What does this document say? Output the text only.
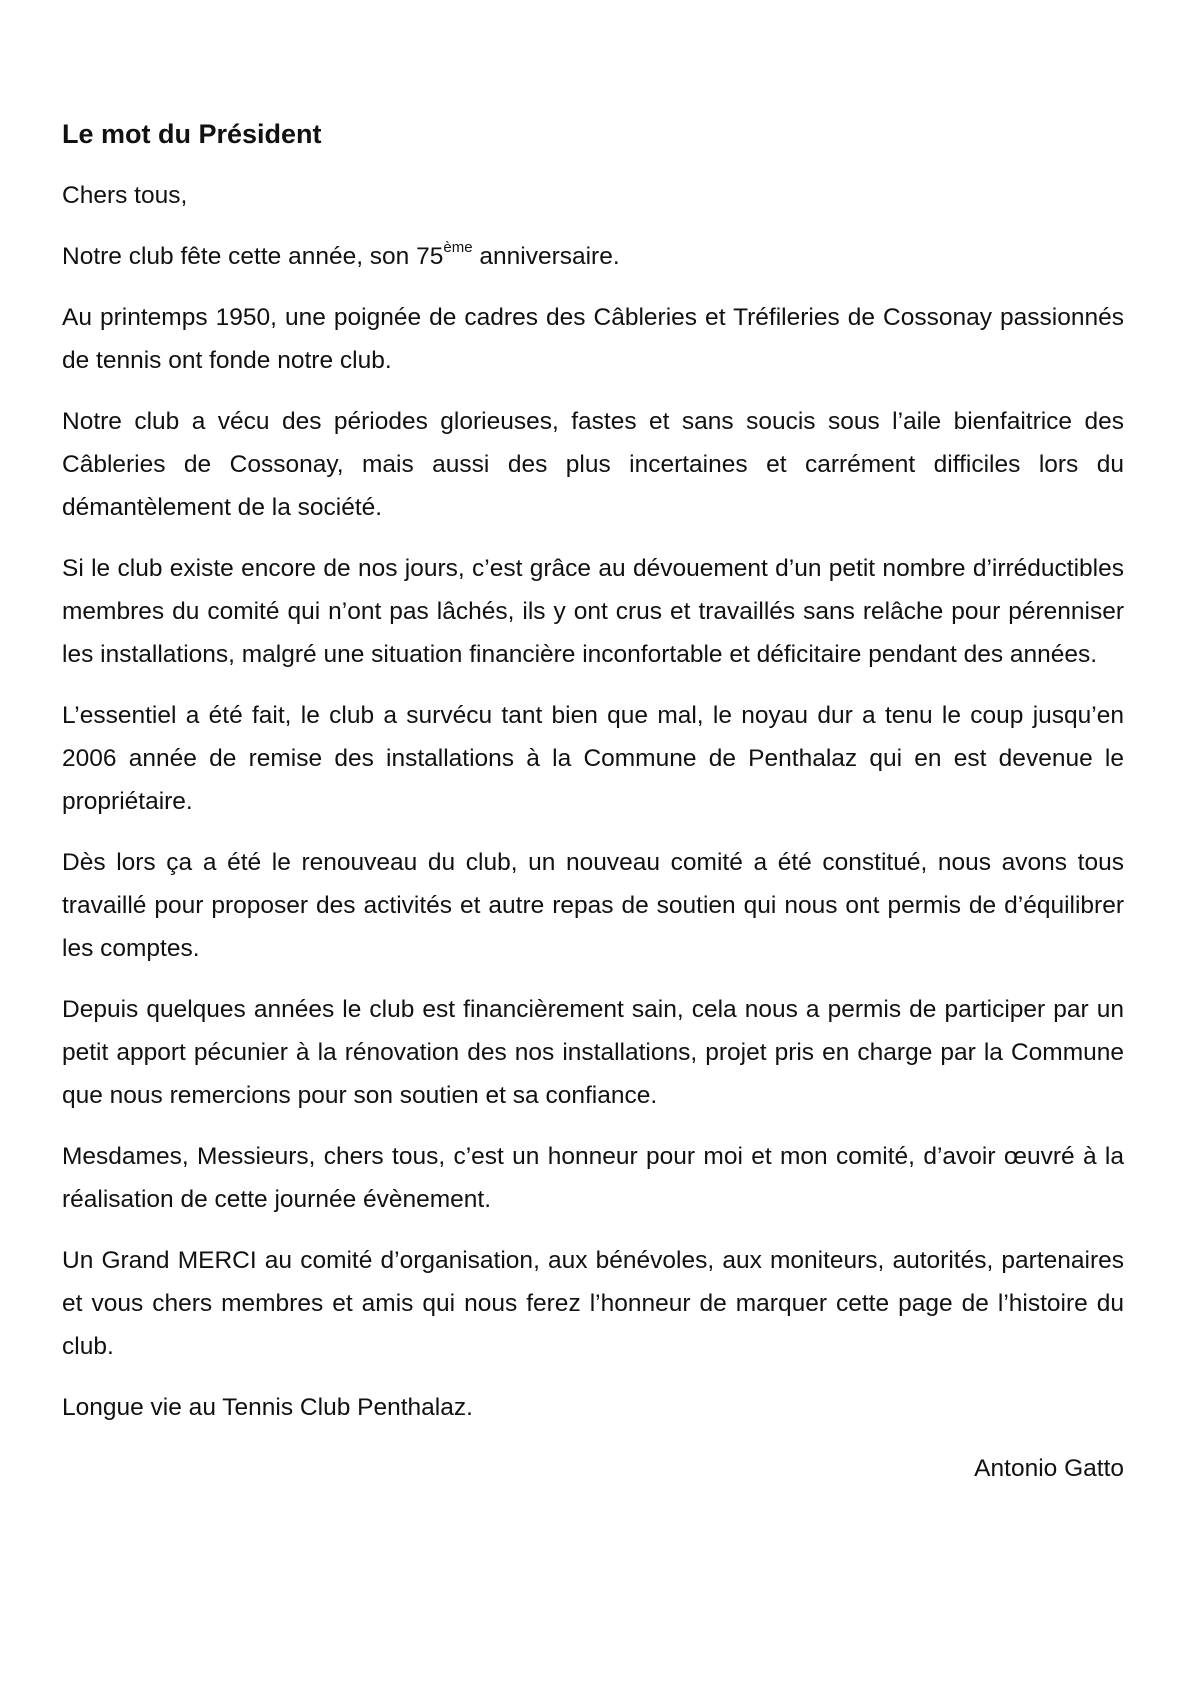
Le mot du Président

Chers tous,

Notre club fête cette année, son 75ème anniversaire.

Au printemps 1950, une poignée de cadres des Câbleries et Tréfileries de Cossonay passionnés de tennis ont fonde notre club.

Notre club a vécu des périodes glorieuses, fastes et sans soucis sous l’aile bienfaitrice des Câbleries de Cossonay, mais aussi des plus incertaines et carrément difficiles lors du démantèlement de la société.

Si le club existe encore de nos jours, c’est grâce au dévouement d’un petit nombre d’irréductibles membres du comité qui n’ont pas lâchés, ils y ont crus et travaillés sans relâche pour pérenniser les installations, malgré une situation financière inconfortable et déficitaire pendant des années.

L’essentiel a été fait, le club a survécu tant bien que mal, le noyau dur a tenu le coup jusqu’en 2006 année de remise des installations à la Commune de Penthalaz qui en est devenue le propriétaire.

Dès lors ça a été le renouveau du club, un nouveau comité a été constitué, nous avons tous travaillé pour proposer des activités et autre repas de soutien qui nous ont permis de d’équilibrer les comptes.

Depuis quelques années le club est financièrement sain, cela nous a permis de participer par un petit apport pécunier à la rénovation des nos installations, projet pris en charge par la Commune que nous remercions pour son soutien et sa confiance.

Mesdames, Messieurs, chers tous, c’est un honneur pour moi et mon comité, d’avoir œuvré à la réalisation de cette journée évènement.

Un Grand MERCI au comité d’organisation, aux bénévoles, aux moniteurs, autorités, partenaires et vous chers membres et amis qui nous ferez l’honneur de marquer cette page de l’histoire du club.

Longue vie au Tennis Club Penthalaz.

Antonio Gatto
